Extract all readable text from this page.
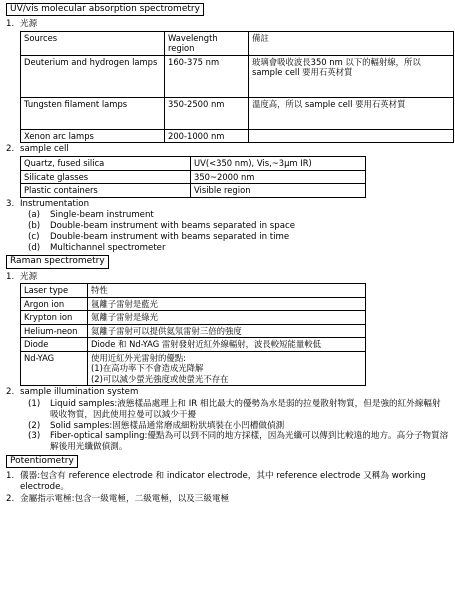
UV/vis molecular absorption spectrometry
1. 光源
Sources	Wavelength region	備註
Deuterium and hydrogen lamps	160-375 nm	玻璃會吸收波長350 nm 以下的輻射線，所以 sample cell 要用石英材質
Tungsten filament lamps	350-2500 nm	溫度高，所以 sample cell 要用石英材質
Xenon arc lamps	200-1000 nm	
2. sample cell
Quartz, fused silica	UV(<350 nm), Vis,~3μm IR)
Silicate glasses	350~2000 nm
Plastic containers	Visible region
3. Instrumentation
(a)	Single-beam instrument
(b)	Double-beam instrument with beams separated in space
(c)	Double-beam instrument with beams separated in time
(d)	Multichannel spectrometer
Raman spectrometry
1. 光源
Laser type	特性
Argon ion	氬離子雷射是藍光
Krypton ion	氪離子雷射是綠光
Helium-neon	氦離子雷射可以提供氦氖雷射三倍的強度
Diode	Diode 和 Nd-YAG 雷射發射近紅外線輻射，波長較短能量較低
Nd-YAG	使用近紅外光雷射的優點:
(1)在高功率下不會造成光降解
(2)可以減少螢光強度或使螢光不存在
2. sample illumination system
(1)	Liquid samples:液態樣品處理上和 IR 相比最大的優勢為水是弱的拉曼散射物質，但是強的紅外線輻射吸收物質，因此使用拉曼可以減少干擾
(2)	Solid samples:固態樣品通常磨成細粉狀填裝在小凹槽做偵測
(3)	Fiber-optical sampling:優點為可以到不同的地方採樣，因為光纖可以傳到比較遠的地方。高分子物質溶解後用光纖做偵測。
Potentiometry
1. 儀器:包含有 reference electrode 和 indicator electrode，其中 reference electrode 又稱為 working electrode。
2. 金屬指示電極:包含一級電極，二級電極，以及三級電極
